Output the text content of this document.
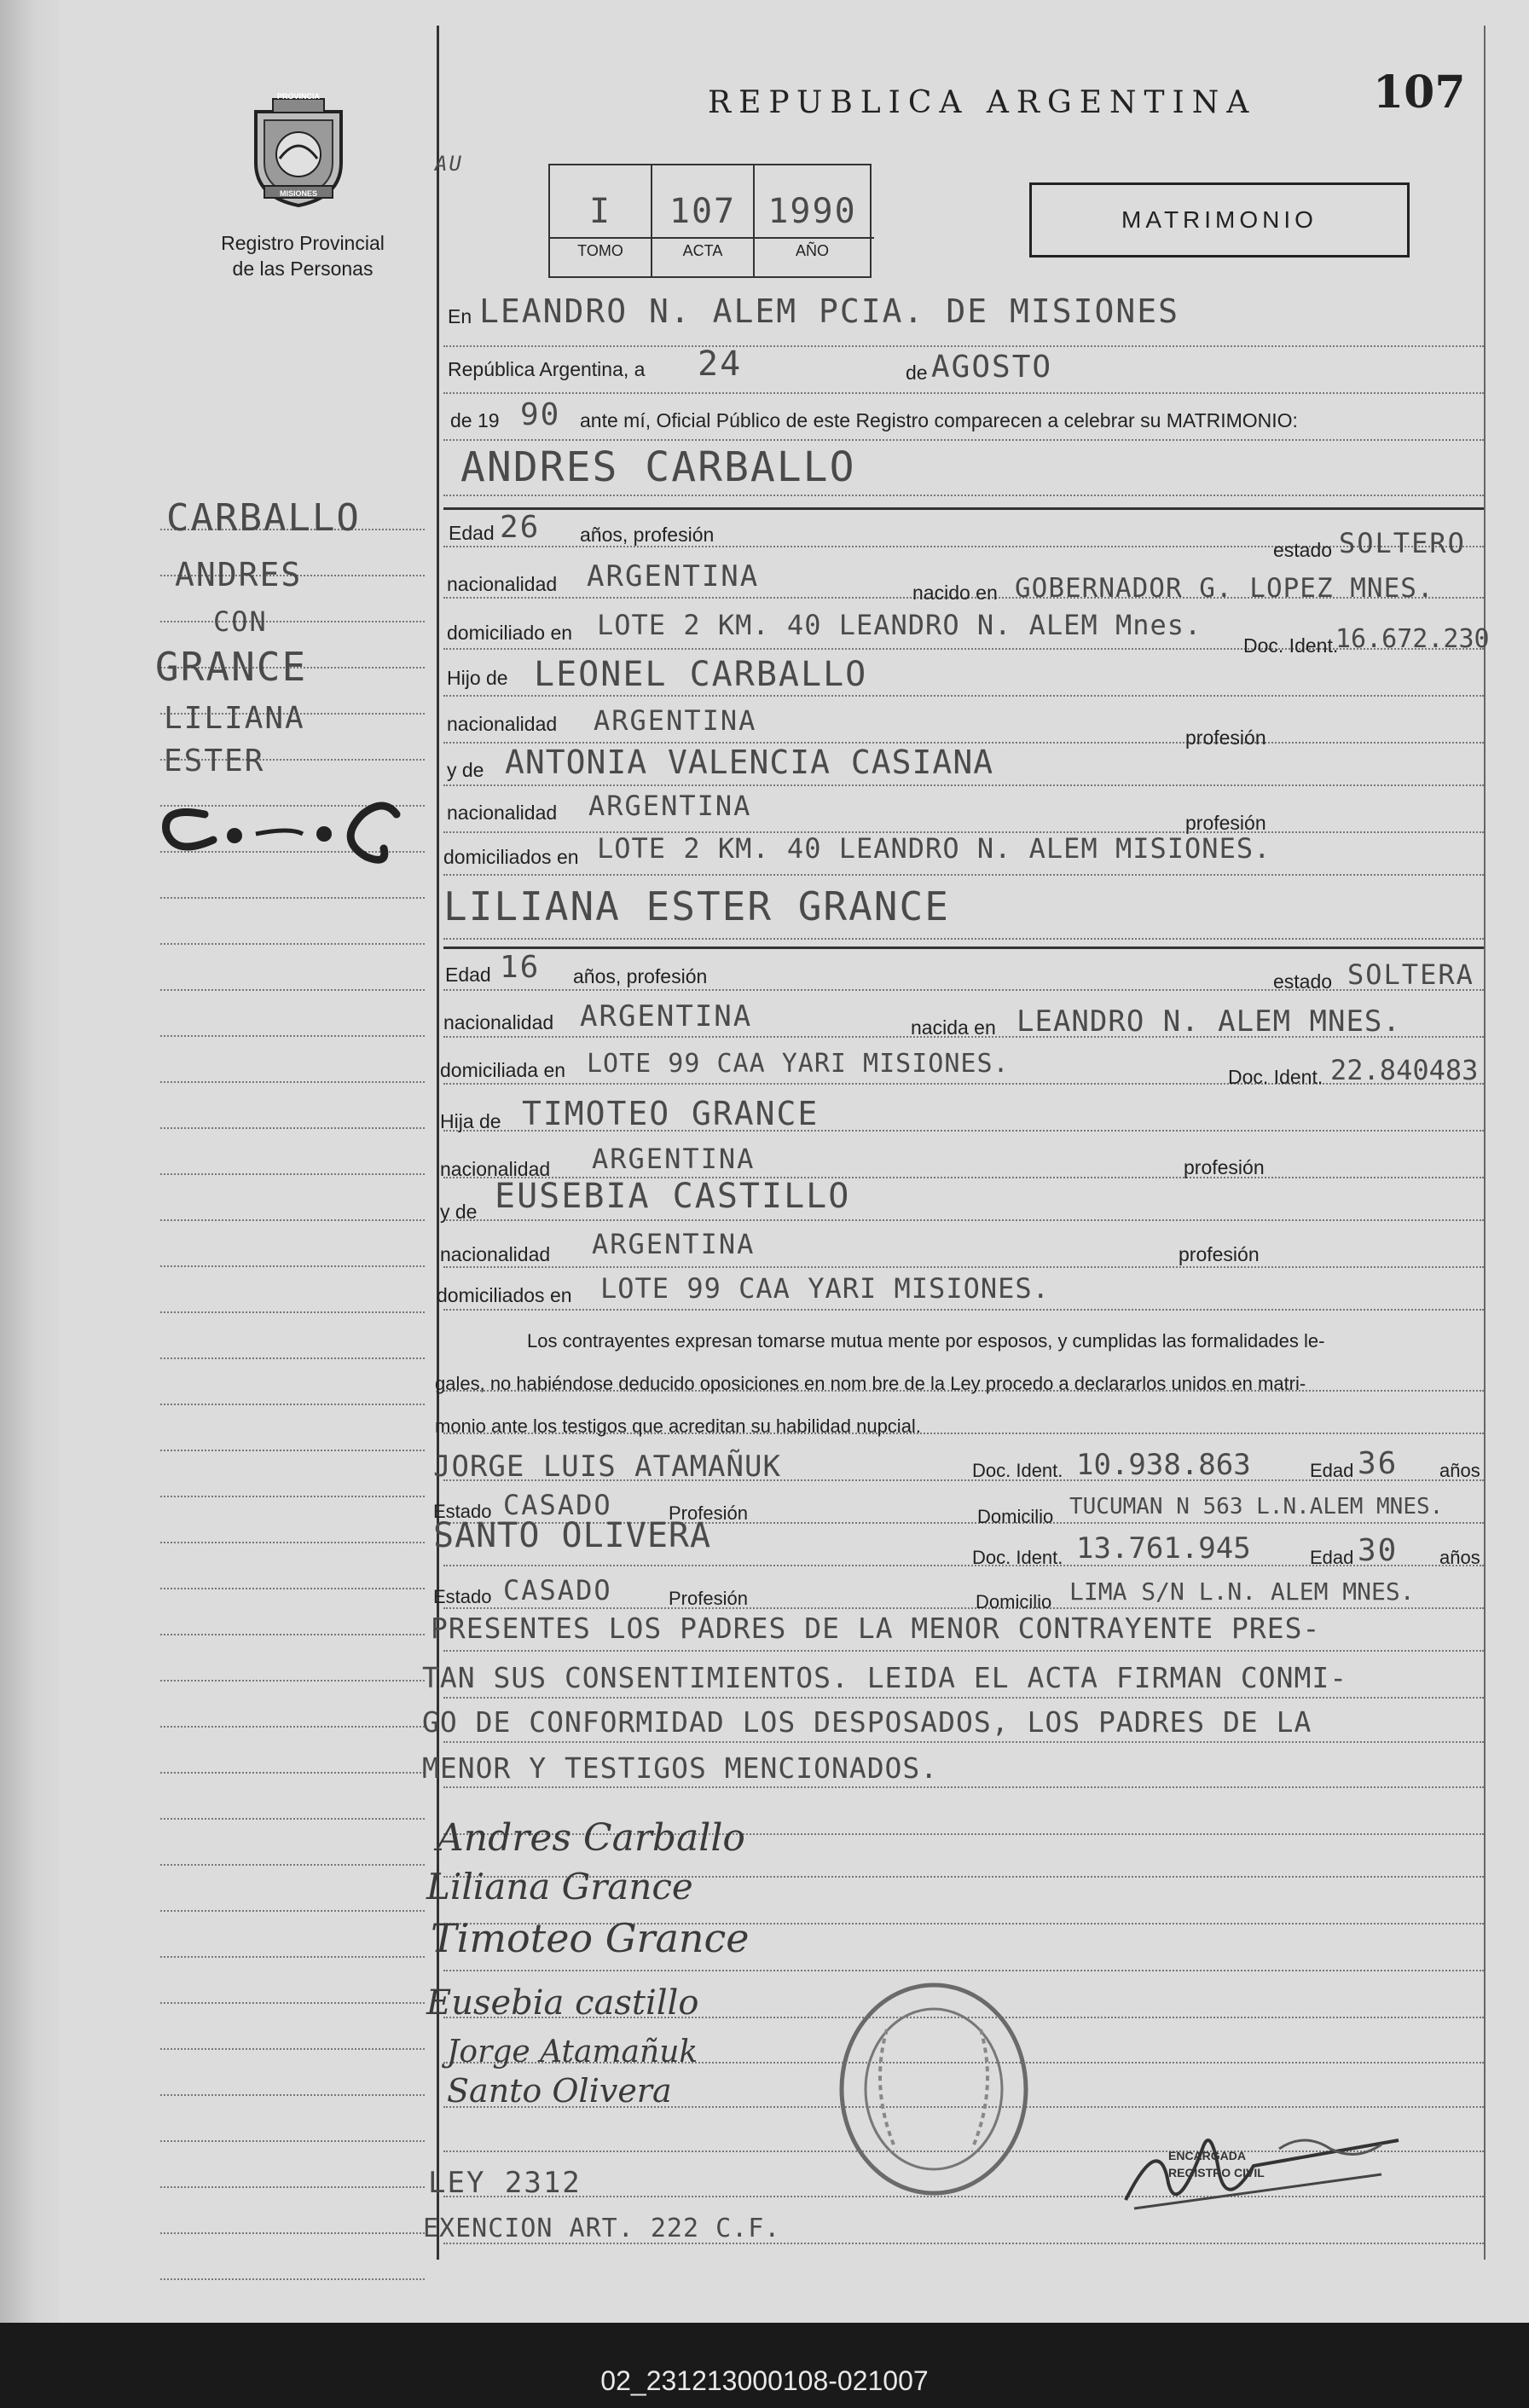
REPUBLICA ARGENTINA	107
PROVINCIA
MISIONES
Registro Provincial
de las Personas
AU
I	107 1990
TOMO	ACTA	AÑO
MATRIMONIO
CARBALLO
ANDRES
CON
GRANCE
LILIANA
ESTER
En LEANDRO N. ALEM PCIA. DE MISIONES
República Argentina, a 24	de AGOSTO
de 19 90 ante mí, Oficial Público de este Registro comparecen a celebrar su MATRIMONIO:
ANDRES CARBALLO
Edad 26 años, profesión
estado SOLTERO
nacionalidad ARGENTINA	nacido en GOBERNADOR G. LOPEZ MNES.
domiciliado en LOTE 2 KM. 40 LEANDRO N. ALEM Mnes.
Doc. Ident.
16.672.230
Hijo de LEONEL CARBALLO
nacionalidad ARGENTINA
profesión
y de ANTONIA VALENCIA CASIANA
nacionalidad ARGENTINA
profesión
domiciliados en LOTE 2 KM. 40 LEANDRO N. ALEM MISIONES.
LILIANA ESTER GRANCE
Edad 16 años, profesión	estado SOLTERA
nacionalidad ARGENTINA	nacida en LEANDRO N. ALEM MNES.
domiciliada en LOTE 99 CAA YARI MISIONES.	Doc. Ident. 22.840483
Hija de TIMOTEO GRANCE
nacionalidad ARGENTINA	profesión
y de EUSEBIA CASTILLO
nacionalidad ARGENTINA	profesión
domiciliados en LOTE 99 CAA YARI MISIONES.
Los contrayentes expresan tomarse mutua mente por esposos, y cumplidas las formalidades le-
gales, no habiéndose deducido oposiciones en nom bre de la Ley procedo a declararlos unidos en matri-
monio ante los testigos que acreditan su habilidad nupcial.
JORGE LUIS ATAMAÑUK	Doc. Ident. 10.938.863	Edad 36 años
Estado CASADO	Profesión	Domicilio TUCUMAN N 563 L.N.ALEM MNES.
SANTO OLIVERA
Doc. Ident. 13.761.945	Edad 30 años
Estado CASADO	Profesión	Domicilio LIMA S/N L.N. ALEM MNES.
PRESENTES LOS PADRES DE LA MENOR CONTRAYENTE PRES-
TAN SUS CONSENTIMIENTOS. LEIDA EL ACTA FIRMAN CONMI-
GO DE CONFORMIDAD LOS DESPOSADOS, LOS PADRES DE LA
MENOR Y TESTIGOS MENCIONADOS.
Andres Carballo
Liliana Grance
Timoteo Grance
Eusebia castillo
Jorge Atamañuk
Santo Olivera
ENCARGADA
REGISTRO CIVIL
LEY 2312
EXENCION ART. 222 C.F.
02_231213000108-021007
